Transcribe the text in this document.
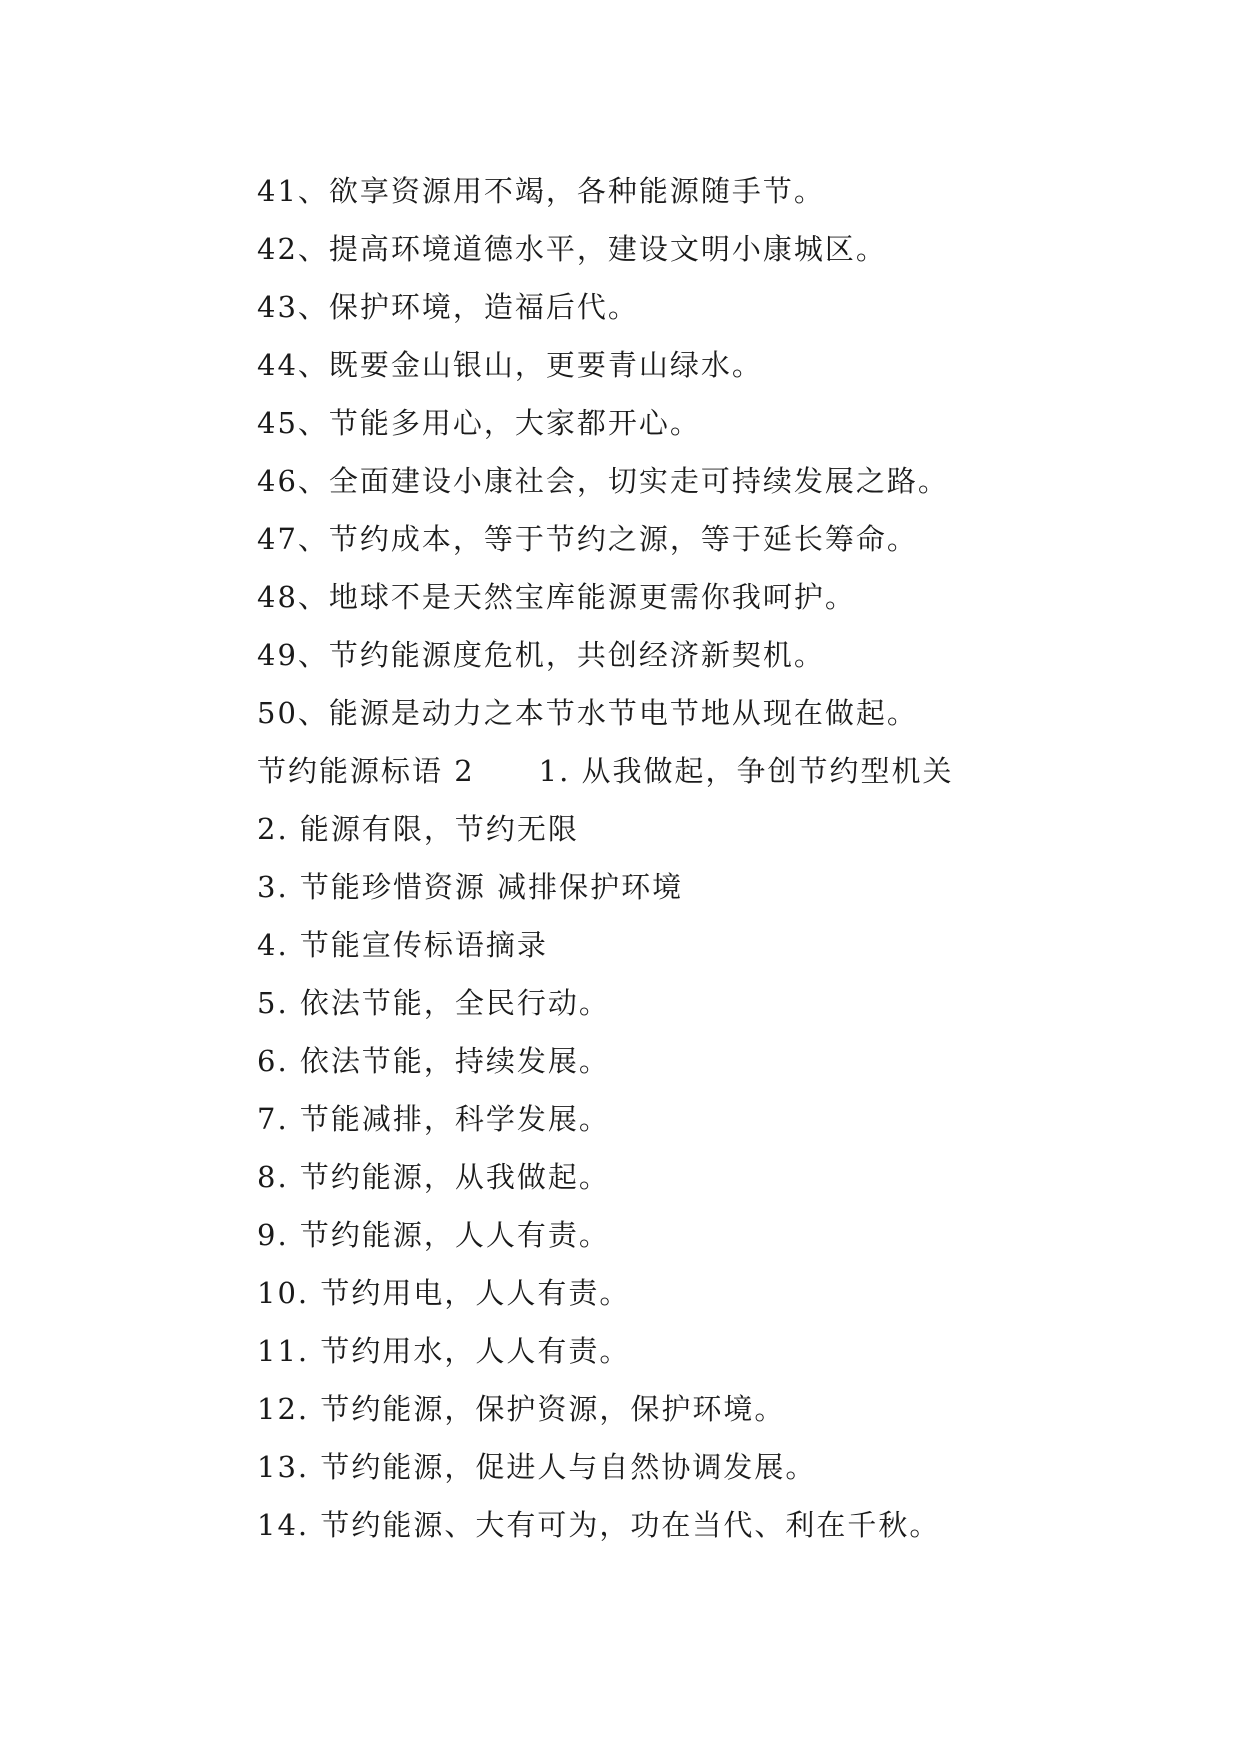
41、欲享资源用不竭，各种能源随手节。
42、提高环境道德水平，建设文明小康城区。
43、保护环境，造福后代。
44、既要金山银山，更要青山绿水。
45、节能多用心，大家都开心。
46、全面建设小康社会，切实走可持续发展之路。
47、节约成本，等于节约之源，等于延长筹命。
48、地球不是天然宝库能源更需你我呵护。
49、节约能源度危机，共创经济新契机。
50、能源是动力之本节水节电节地从现在做起。
节约能源标语 2 1. 从我做起，争创节约型机关
2. 能源有限，节约无限
3. 节能珍惜资源 减排保护环境
4. 节能宣传标语摘录
5. 依法节能，全民行动。
6. 依法节能，持续发展。
7. 节能减排，科学发展。
8. 节约能源，从我做起。
9. 节约能源，人人有责。
10. 节约用电，人人有责。
11. 节约用水，人人有责。
12. 节约能源，保护资源，保护环境。
13. 节约能源，促进人与自然协调发展。
14. 节约能源、大有可为，功在当代、利在千秋。
